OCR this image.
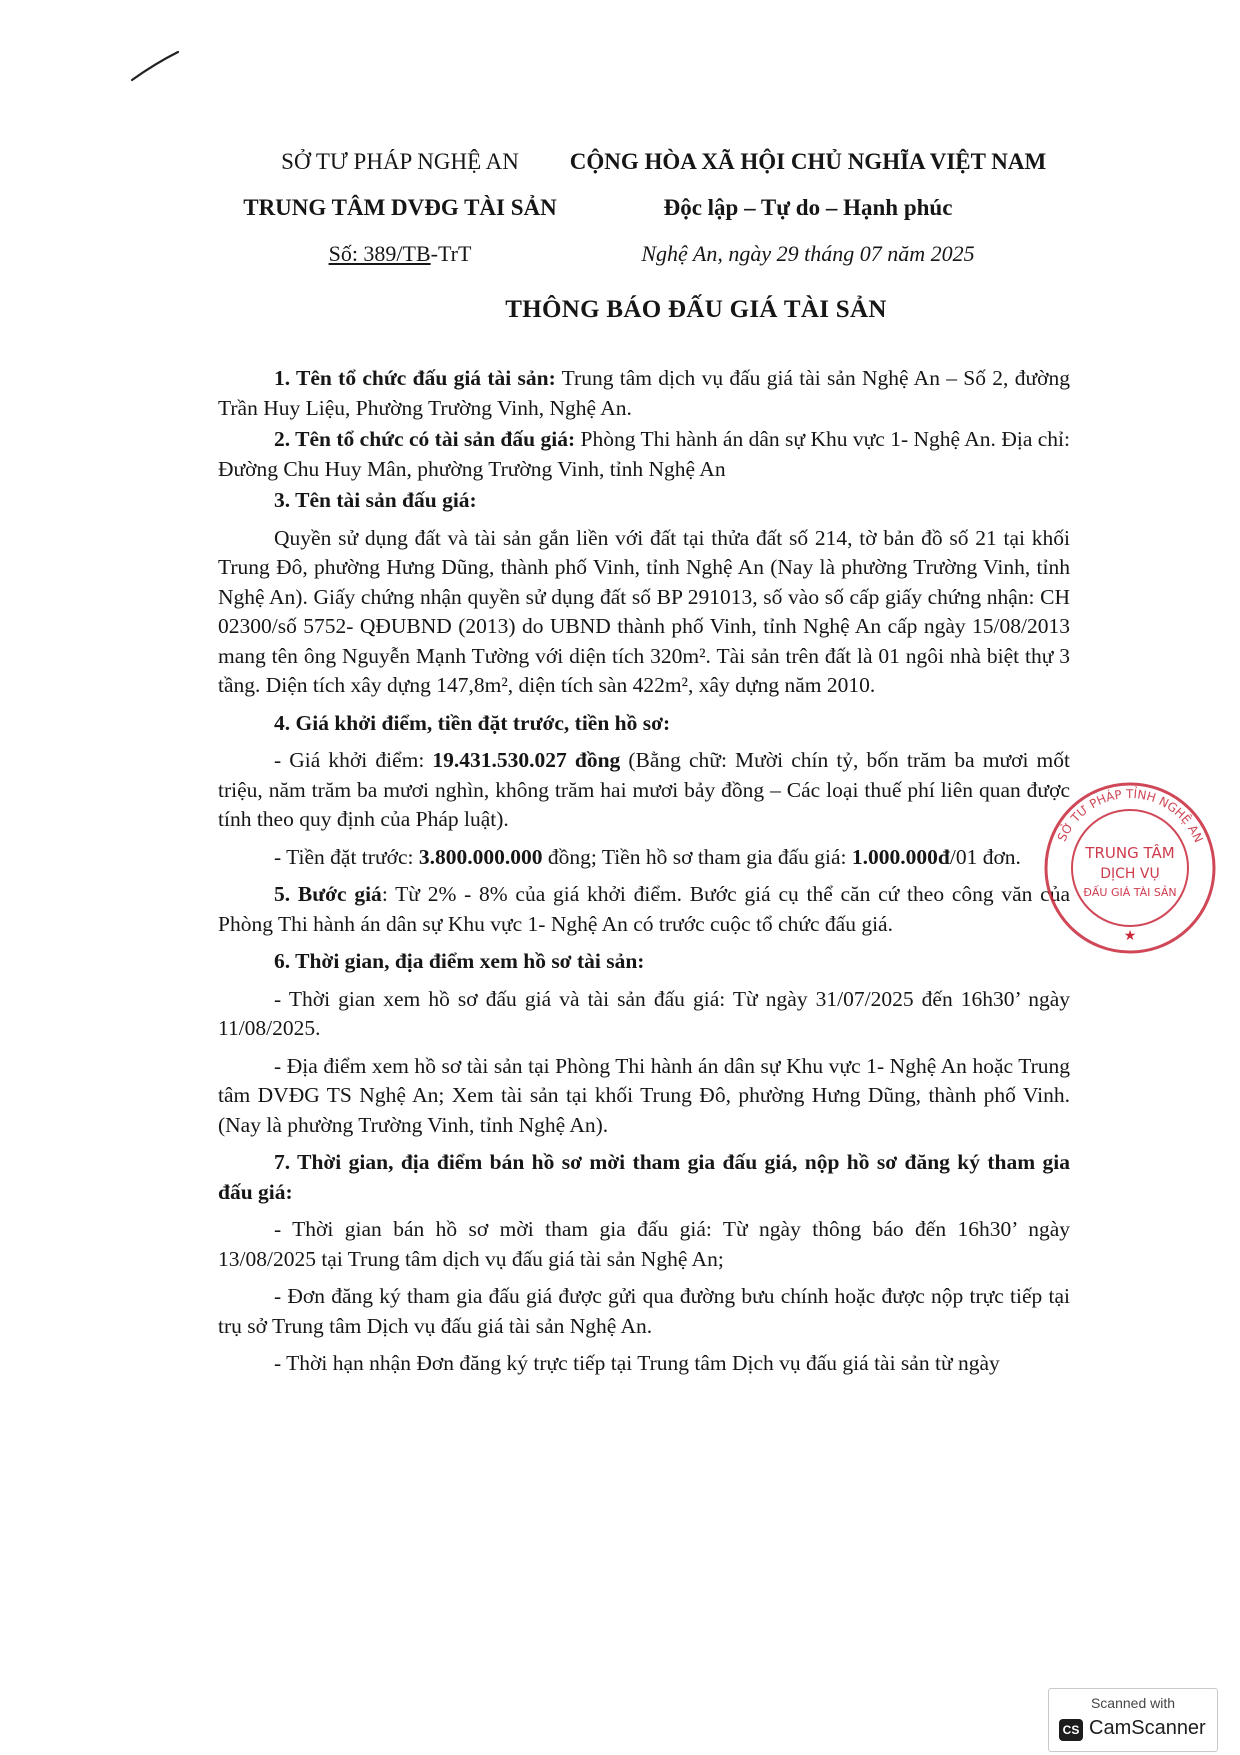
SỞ TƯ PHÁP NGHỆ AN
TRUNG TÂM DVĐG TÀI SẢN
Số: 389/TB-TrT
CỘNG HÒA XÃ HỘI CHỦ NGHĨA VIỆT NAM
Độc lập – Tự do – Hạnh phúc
Nghệ An, ngày 29 tháng 07 năm 2025
THÔNG BÁO ĐẤU GIÁ TÀI SẢN

1. Tên tổ chức đấu giá tài sản: Trung tâm dịch vụ đấu giá tài sản Nghệ An – Số 2, đường Trần Huy Liệu, Phường Trường Vinh, Nghệ An.

2. Tên tổ chức có tài sản đấu giá: Phòng Thi hành án dân sự Khu vực 1- Nghệ An. Địa chỉ: Đường Chu Huy Mân, phường Trường Vinh, tỉnh Nghệ An

3. Tên tài sản đấu giá:

Quyền sử dụng đất và tài sản gắn liền với đất tại thửa đất số 214, tờ bản đồ số 21 tại khối Trung Đô, phường Hưng Dũng, thành phố Vinh, tỉnh Nghệ An (Nay là phường Trường Vinh, tỉnh Nghệ An). Giấy chứng nhận quyền sử dụng đất số BP 291013, số vào số cấp giấy chứng nhận: CH 02300/số 5752- QĐUBND (2013) do UBND thành phố Vinh, tỉnh Nghệ An cấp ngày 15/08/2013 mang tên ông Nguyễn Mạnh Tường với diện tích 320m². Tài sản trên đất là 01 ngôi nhà biệt thự 3 tầng. Diện tích xây dựng 147,8m², diện tích sàn 422m², xây dựng năm 2010.

4. Giá khởi điểm, tiền đặt trước, tiền hồ sơ:

- Giá khởi điểm: 19.431.530.027 đồng (Bằng chữ: Mười chín tỷ, bốn trăm ba mươi mốt triệu, năm trăm ba mươi nghìn, không trăm hai mươi bảy đồng – Các loại thuế phí liên quan được tính theo quy định của Pháp luật).

- Tiền đặt trước: 3.800.000.000 đồng; Tiền hồ sơ tham gia đấu giá: 1.000.000đ/01 đơn.

5. Bước giá: Từ 2% - 8% của giá khởi điểm. Bước giá cụ thể căn cứ theo công văn của Phòng Thi hành án dân sự Khu vực 1- Nghệ An có trước cuộc tổ chức đấu giá.

6. Thời gian, địa điểm xem hồ sơ tài sản:

- Thời gian xem hồ sơ đấu giá và tài sản đấu giá: Từ ngày 31/07/2025 đến 16h30’ ngày 11/08/2025.

- Địa điểm xem hồ sơ tài sản tại Phòng Thi hành án dân sự Khu vực 1- Nghệ An hoặc Trung tâm DVĐG TS Nghệ An; Xem tài sản tại khối Trung Đô, phường Hưng Dũng, thành phố Vinh. (Nay là phường Trường Vinh, tỉnh Nghệ An).

7. Thời gian, địa điểm bán hồ sơ mời tham gia đấu giá, nộp hồ sơ đăng ký tham gia đấu giá:

- Thời gian bán hồ sơ mời tham gia đấu giá: Từ ngày thông báo đến 16h30’ ngày 13/08/2025 tại Trung tâm dịch vụ đấu giá tài sản Nghệ An;

- Đơn đăng ký tham gia đấu giá được gửi qua đường bưu chính hoặc được nộp trực tiếp tại trụ sở Trung tâm Dịch vụ đấu giá tài sản Nghệ An.

- Thời hạn nhận Đơn đăng ký trực tiếp tại Trung tâm Dịch vụ đấu giá tài sản từ ngày

SỞ TƯ PHÁP TỈNH NGHỆ AN
TRUNG TÂM
DỊCH VỤ
ĐẤU GIÁ TÀI SẢN
★
Scanned with
CS CamScanner
